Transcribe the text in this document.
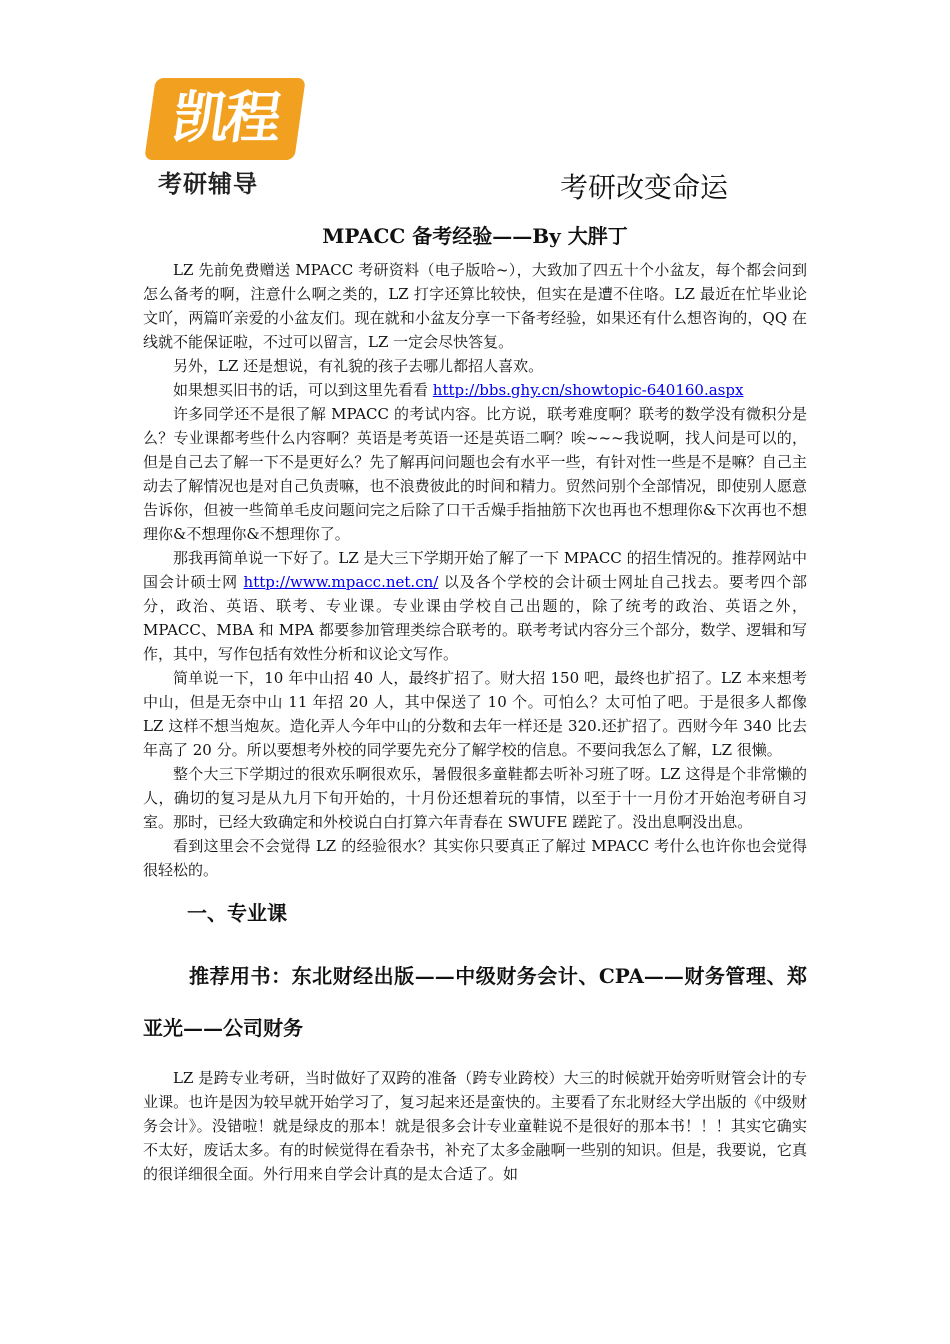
凯程
考研辅导	考研改变命运
MPACC 备考经验——By 大胖丁

LZ 先前免费赠送 MPACC 考研资料（电子版哈~），大致加了四五十个小盆友，每个都会问到怎么备考的啊，注意什么啊之类的，LZ 打字还算比较快，但实在是遭不住咯。LZ 最近在忙毕业论文吖，两篇吖亲爱的小盆友们。现在就和小盆友分享一下备考经验，如果还有什么想咨询的，QQ 在线就不能保证啦，不过可以留言，LZ 一定会尽快答复。

另外，LZ 还是想说，有礼貌的孩子去哪儿都招人喜欢。

如果想买旧书的话，可以到这里先看看 http://bbs.ghy.cn/showtopic-640160.aspx

许多同学还不是很了解 MPACC 的考试内容。比方说，联考难度啊？联考的数学没有微积分是么？专业课都考些什么内容啊？英语是考英语一还是英语二啊？唉~~~我说啊，找人问是可以的，但是自己去了解一下不是更好么？先了解再问问题也会有水平一些，有针对性一些是不是嘛？自己主动去了解情况也是对自己负责嘛，也不浪费彼此的时间和精力。贸然问别个全部情况，即使别人愿意告诉你，但被一些简单毛皮问题问完之后除了口干舌燥手指抽筋下次也再也不想理你&下次再也不想理你&不想理你&不想理你了。

那我再简单说一下好了。LZ 是大三下学期开始了解了一下 MPACC 的招生情况的。推荐网站中国会计硕士网 http://www.mpacc.net.cn/ 以及各个学校的会计硕士网址自己找去。要考四个部分，政治、英语、联考、专业课。专业课由学校自己出题的，除了统考的政治、英语之外，MPACC、MBA 和 MPA 都要参加管理类综合联考的。联考考试内容分三个部分，数学、逻辑和写作，其中，写作包括有效性分析和议论文写作。

简单说一下，10 年中山招 40 人，最终扩招了。财大招 150 吧，最终也扩招了。LZ 本来想考中山，但是无奈中山 11 年招 20 人，其中保送了 10 个。可怕么？太可怕了吧。于是很多人都像 LZ 这样不想当炮灰。造化弄人今年中山的分数和去年一样还是 320.还扩招了。西财今年 340 比去年高了 20 分。所以要想考外校的同学要先充分了解学校的信息。不要问我怎么了解，LZ 很懒。

整个大三下学期过的很欢乐啊很欢乐，暑假很多童鞋都去听补习班了呀。LZ 这得是个非常懒的人，确切的复习是从九月下旬开始的，十月份还想着玩的事情，以至于十一月份才开始泡考研自习室。那时，已经大致确定和外校说白白打算六年青春在 SWUFE 蹉跎了。没出息啊没出息。

看到这里会不会觉得 LZ 的经验很水？其实你只要真正了解过 MPACC 考什么也许你也会觉得很轻松的。

一、专业课
推荐用书：东北财经出版——中级财务会计、CPA——财务管理、郑亚光——公司财务

LZ 是跨专业考研，当时做好了双跨的准备（跨专业跨校）大三的时候就开始旁听财管会计的专业课。也许是因为较早就开始学习了，复习起来还是蛮快的。主要看了东北财经大学出版的《中级财务会计》。没错啦！就是绿皮的那本！就是很多会计专业童鞋说不是很好的那本书！！！其实它确实不太好，废话太多。有的时候觉得在看杂书，补充了太多金融啊一些别的知识。但是，我要说，它真的很详细很全面。外行用来自学会计真的是太合适了。如
